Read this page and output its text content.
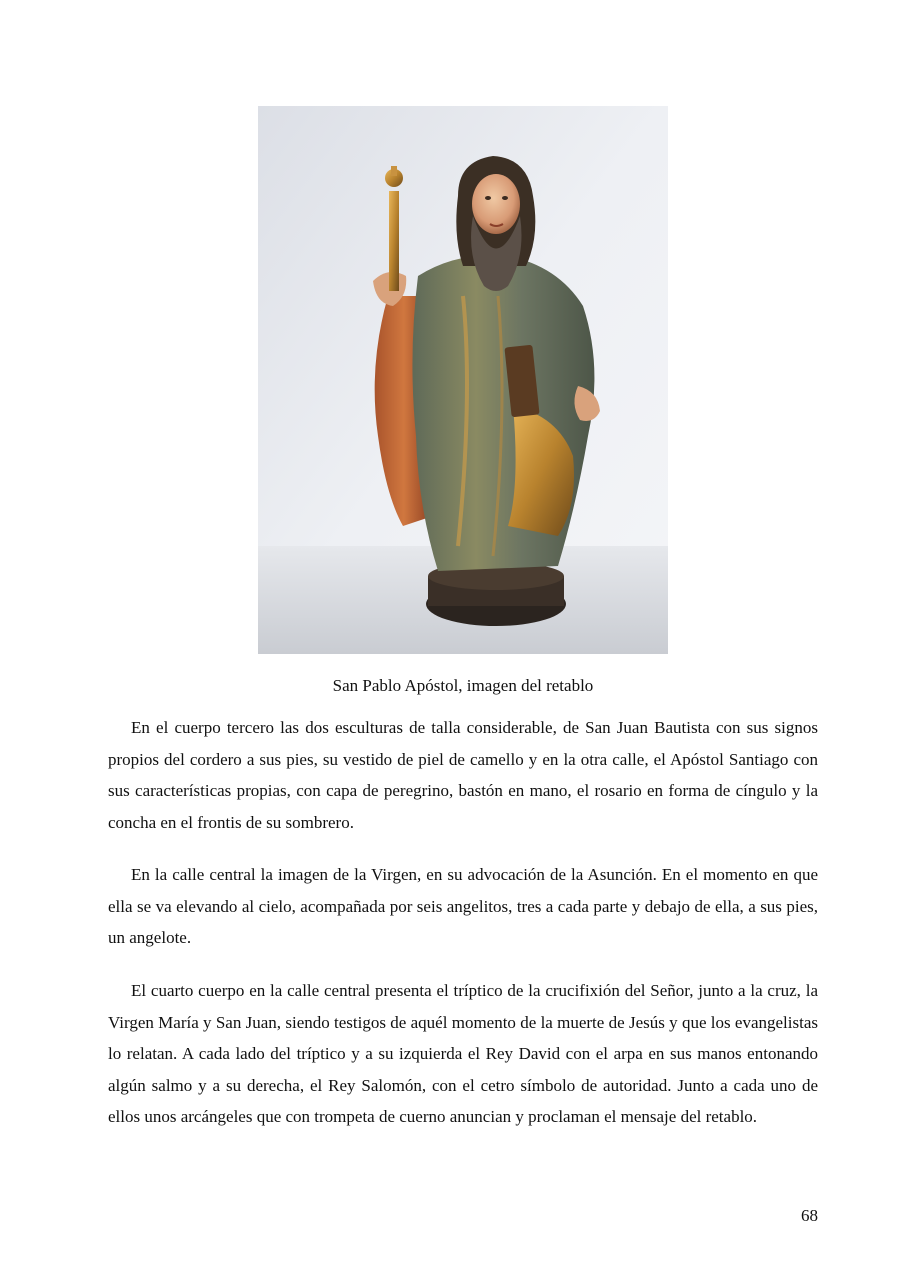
San Pablo Apóstol, imagen del retablo

En el cuerpo tercero las dos esculturas de talla considerable, de San Juan Bautista con sus signos propios del cordero a sus pies, su vestido de piel de camello y en la otra calle, el Apóstol Santiago con sus características propias, con capa de peregrino, bastón en mano, el rosario en forma de cíngulo y la concha en el frontis de su sombrero.

En la calle central la imagen de la Virgen, en su advocación de la Asunción. En el momento en que ella se va elevando al cielo, acompañada por seis angelitos, tres a cada parte y debajo de ella, a sus pies, un angelote.

El cuarto cuerpo en la calle central presenta el tríptico de la crucifixión del Señor, junto a la cruz, la Virgen María y San Juan, siendo testigos de aquél momento de la muerte de Jesús y que los evangelistas lo relatan. A cada lado del tríptico y a su izquierda el Rey David con el arpa en sus manos entonando algún salmo y a su derecha, el Rey Salomón, con el cetro símbolo de autoridad. Junto a cada uno de ellos unos arcángeles que con trompeta de cuerno anuncian y proclaman el mensaje del retablo.

68
